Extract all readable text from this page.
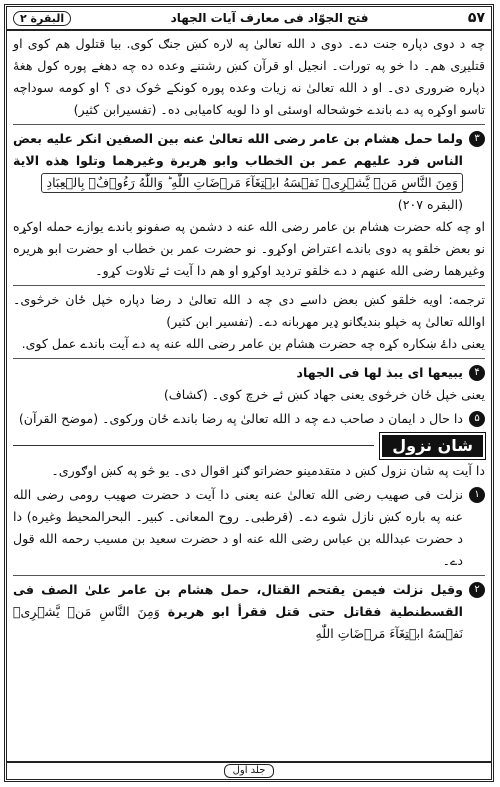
۵۷
فتح الجوّاد فی معارف آیات الجهاد
البقرة ۲

چه د دوی دپاره جنت دے۔ دوی د الله تعالیٰ په لاره کښ جنګ کوی. بیا قتلول هم کوی او قتلیږی هم۔ دا خو په تورات۔ انجیل او قرآن کښ رشتنے وعده ده چه دهغے پوره کول هغهٔ دپاره ضروری دی۔ او د الله تعالیٰ نه زیات وعده پوره کونکے څوک دی ؟ او کومه سوداچه تاسو اوکړه په دے باندے خوشحاله اوسئی او دا لویه کامیابی ده۔ (تفسیرابن کثیر)

۳
ولما حمل هشام بن عامر رضی الله تعالیٰ عنه بین الصفین انکر علیه بعض الناس فرد علیهم عمر بن الخطاب وابو هریرة وغیرهما وتلوا هذه الایة وَمِنَ النَّاسِ مَنۡ يَّشۡرِىۡ نَفۡسَهُ ابۡتِغَآءَ مَرۡضَاتِ اللّٰهِ ؕ وَاللّٰهُ رَءُوۡفٌۢ بِالۡعِبَادِ (البقره ۲۰۷)

او چه کله حضرت هشام بن عامر رضی الله عنه د دشمن په صفونو باندے یوازے حمله اوکړه نو بعض خلقو په دوی باندے اعتراض اوکړو۔ نو حضرت عمر بن خطاب او حضرت ابو هریره وغیرهما رضی الله عنهم د دے خلقو تردید اوکړو او هم دا آیت ئے تلاوت کړو۔

ترجمه: اویه خلقو کښ بعض داسے دی چه د الله تعالیٰ د رضا دپاره خپل ځان خرڅوی۔ اوالله تعالیٰ په خپلو بندیګانو ډیر مهربانه دے۔ (تفسیر ابن کثیر)

یعنی داۓ ښکاره کړه چه حضرت هشام بن عامر رضی الله عنه په دے آیت باندے عمل کوی.

۴
یبیعها ای یبذ لها فی الجهاد

یعنی خپل ځان خرڅوی یعنی جهاد کښ ئے خرچ کوی۔ (کشاف)

۵
دا حال د ایمان د صاحب دے چه د الله تعالیٰ په رضا باندے ځان ورکوی۔ (موضح القرآن)
شان نزول

دا آیت په شان نزول کښ د متقدمینو حضراتو ګنړ اقوال دی۔ یو څو په کښ اوګوری۔

۱
نزلت فی صهیب رضی الله تعالیٰ عنه یعنی دا آیت د حضرت صهیب رومی رضی الله عنه په باره کښ نازل شوے دے۔ (قرطبی۔ روح المعانی۔ کبیر۔ البحرالمحیط وغیره) دا د حضرت عبدالله بن عباس رضی الله عنه او د حضرت سعید بن مسیب رحمه الله قول دے۔
۲
وقیل نزلت فیمن یقتحم القتال، حمل هشام بن عامر علیٰ الصف فی القسطنطیة فقاتل حتی قتل فقرأ ابو هریرة وَمِنَ النَّاسِ مَنۡ يَّشۡرِىۡ نَفۡسَهُ ابۡتِغَآءَ مَرۡضَاتِ اللّٰهِ
جلد اول
